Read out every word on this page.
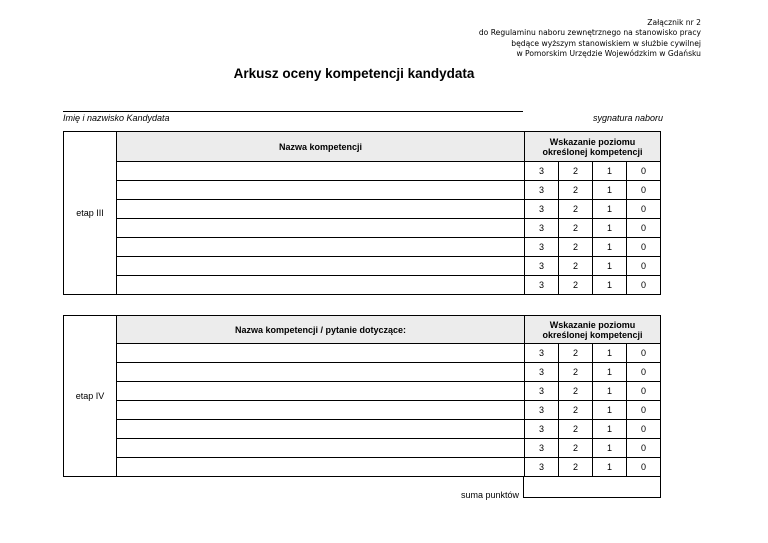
Załącznik nr 2
do Regulaminu naboru zewnętrznego na stanowisko pracy
będące wyższym stanowiskiem w służbie cywilnej
w Pomorskim Urzędzie Wojewódzkim w Gdańsku
Arkusz oceny kompetencji kandydata
Imię i nazwisko Kandydata	sygnatura naboru
etap III	Nazwa kompetencji	Wskazanie poziomu
określonej kompetencji			

		3	2	1	0
		3	2	1	0
		3	2	1	0
		3	2	1	0
		3	2	1	0
		3	2	1	0
		3	2	1	0
etap IV	Nazwa kompetencji / pytanie dotyczące:	Wskazanie poziomu
określonej kompetencji			

		3	2	1	0
		3	2	1	0
		3	2	1	0
		3	2	1	0
		3	2	1	0
		3	2	1	0
		3	2	1	0
suma punktów
